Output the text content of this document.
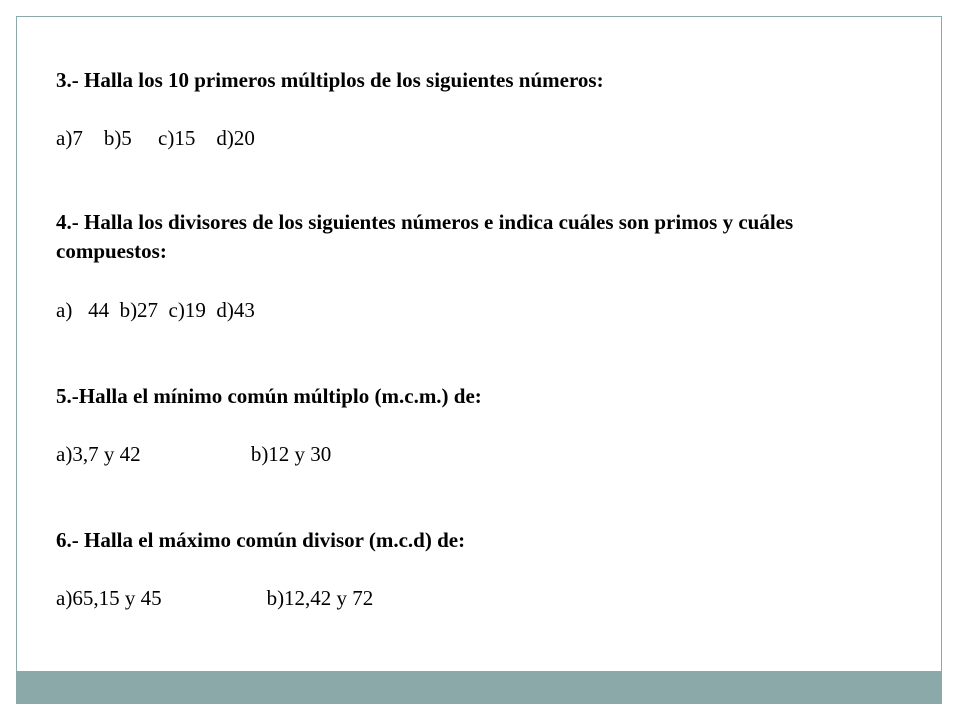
3.- Halla los 10 primeros múltiplos de los siguientes números:

a)7    b)5     c)15    d)20

4.- Halla los divisores de los siguientes números e indica cuáles son primos y cuáles compuestos:

a)   44  b)27  c)19  d)43

5.-Halla el mínimo común múltiplo (m.c.m.) de:

a)3,7 y 42                     b)12 y 30

6.- Halla el máximo común divisor (m.c.d) de:

a)65,15 y 45                    b)12,42 y 72
